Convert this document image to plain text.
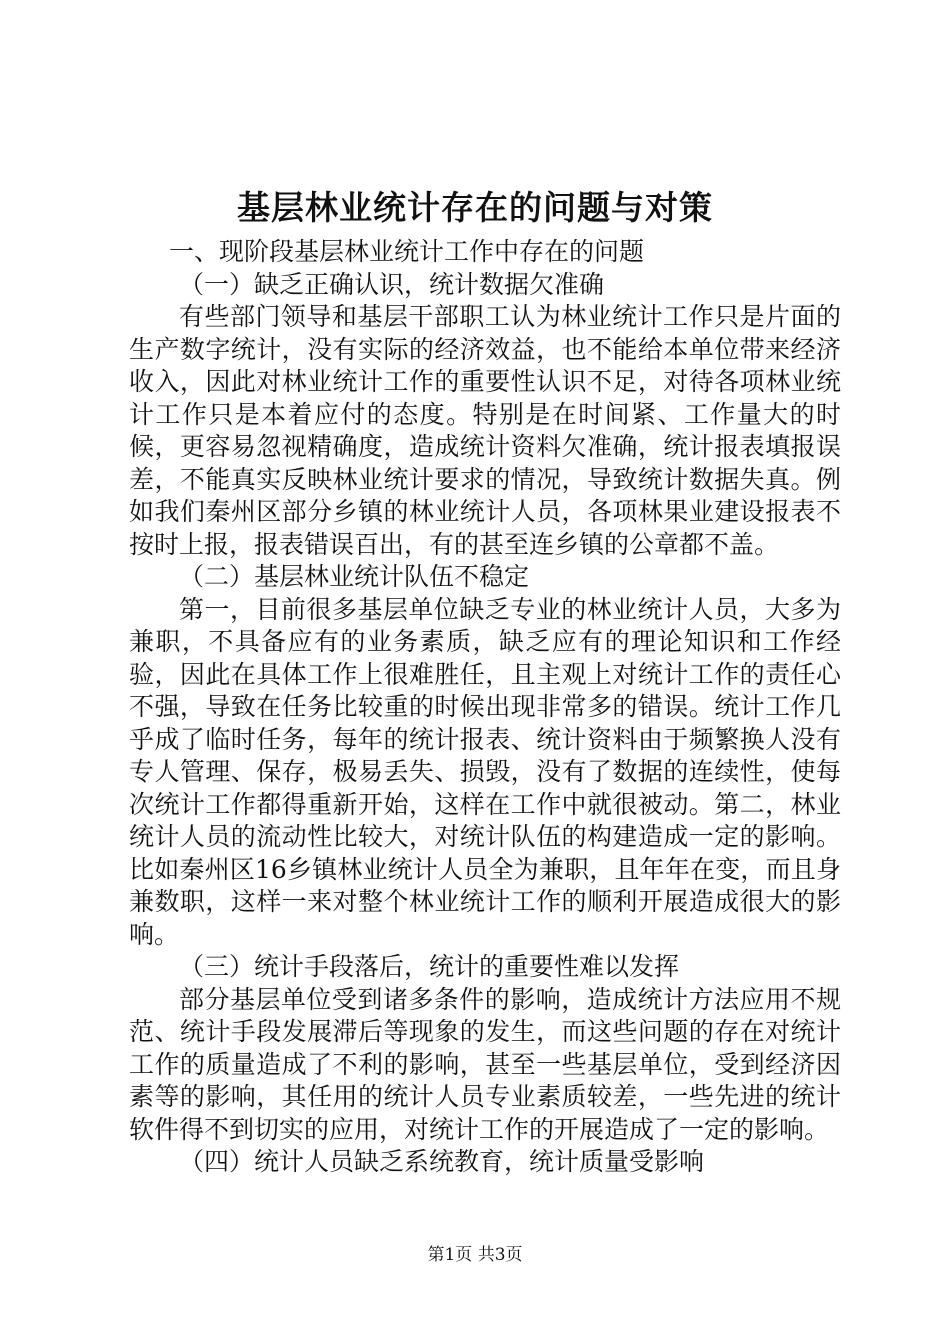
基层林业统计存在的问题与对策

一、现阶段基层林业统计工作中存在的问题

（一）缺乏正确认识，统计数据欠准确

有些部门领导和基层干部职工认为林业统计工作只是片面的生产数字统计，没有实际的经济效益，也不能给本单位带来经济收入，因此对林业统计工作的重要性认识不足，对待各项林业统计工作只是本着应付的态度。特别是在时间紧、工作量大的时候，更容易忽视精确度，造成统计资料欠准确，统计报表填报误差，不能真实反映林业统计要求的情况，导致统计数据失真。例如我们秦州区部分乡镇的林业统计人员，各项林果业建设报表不按时上报，报表错误百出，有的甚至连乡镇的公章都不盖。

（二）基层林业统计队伍不稳定

第一，目前很多基层单位缺乏专业的林业统计人员，大多为兼职，不具备应有的业务素质，缺乏应有的理论知识和工作经验，因此在具体工作上很难胜任，且主观上对统计工作的责任心不强，导致在任务比较重的时候出现非常多的错误。统计工作几乎成了临时任务，每年的统计报表、统计资料由于频繁换人没有专人管理、保存，极易丢失、损毁，没有了数据的连续性，使每次统计工作都得重新开始，这样在工作中就很被动。第二，林业统计人员的流动性比较大，对统计队伍的构建造成一定的影响。比如秦州区16乡镇林业统计人员全为兼职，且年年在变，而且身兼数职，这样一来对整个林业统计工作的顺利开展造成很大的影响。

（三）统计手段落后，统计的重要性难以发挥

部分基层单位受到诸多条件的影响，造成统计方法应用不规范、统计手段发展滞后等现象的发生，而这些问题的存在对统计工作的质量造成了不利的影响，甚至一些基层单位，受到经济因素等的影响，其任用的统计人员专业素质较差，一些先进的统计软件得不到切实的应用，对统计工作的开展造成了一定的影响。

（四）统计人员缺乏系统教育，统计质量受影响

第1页 共3页
